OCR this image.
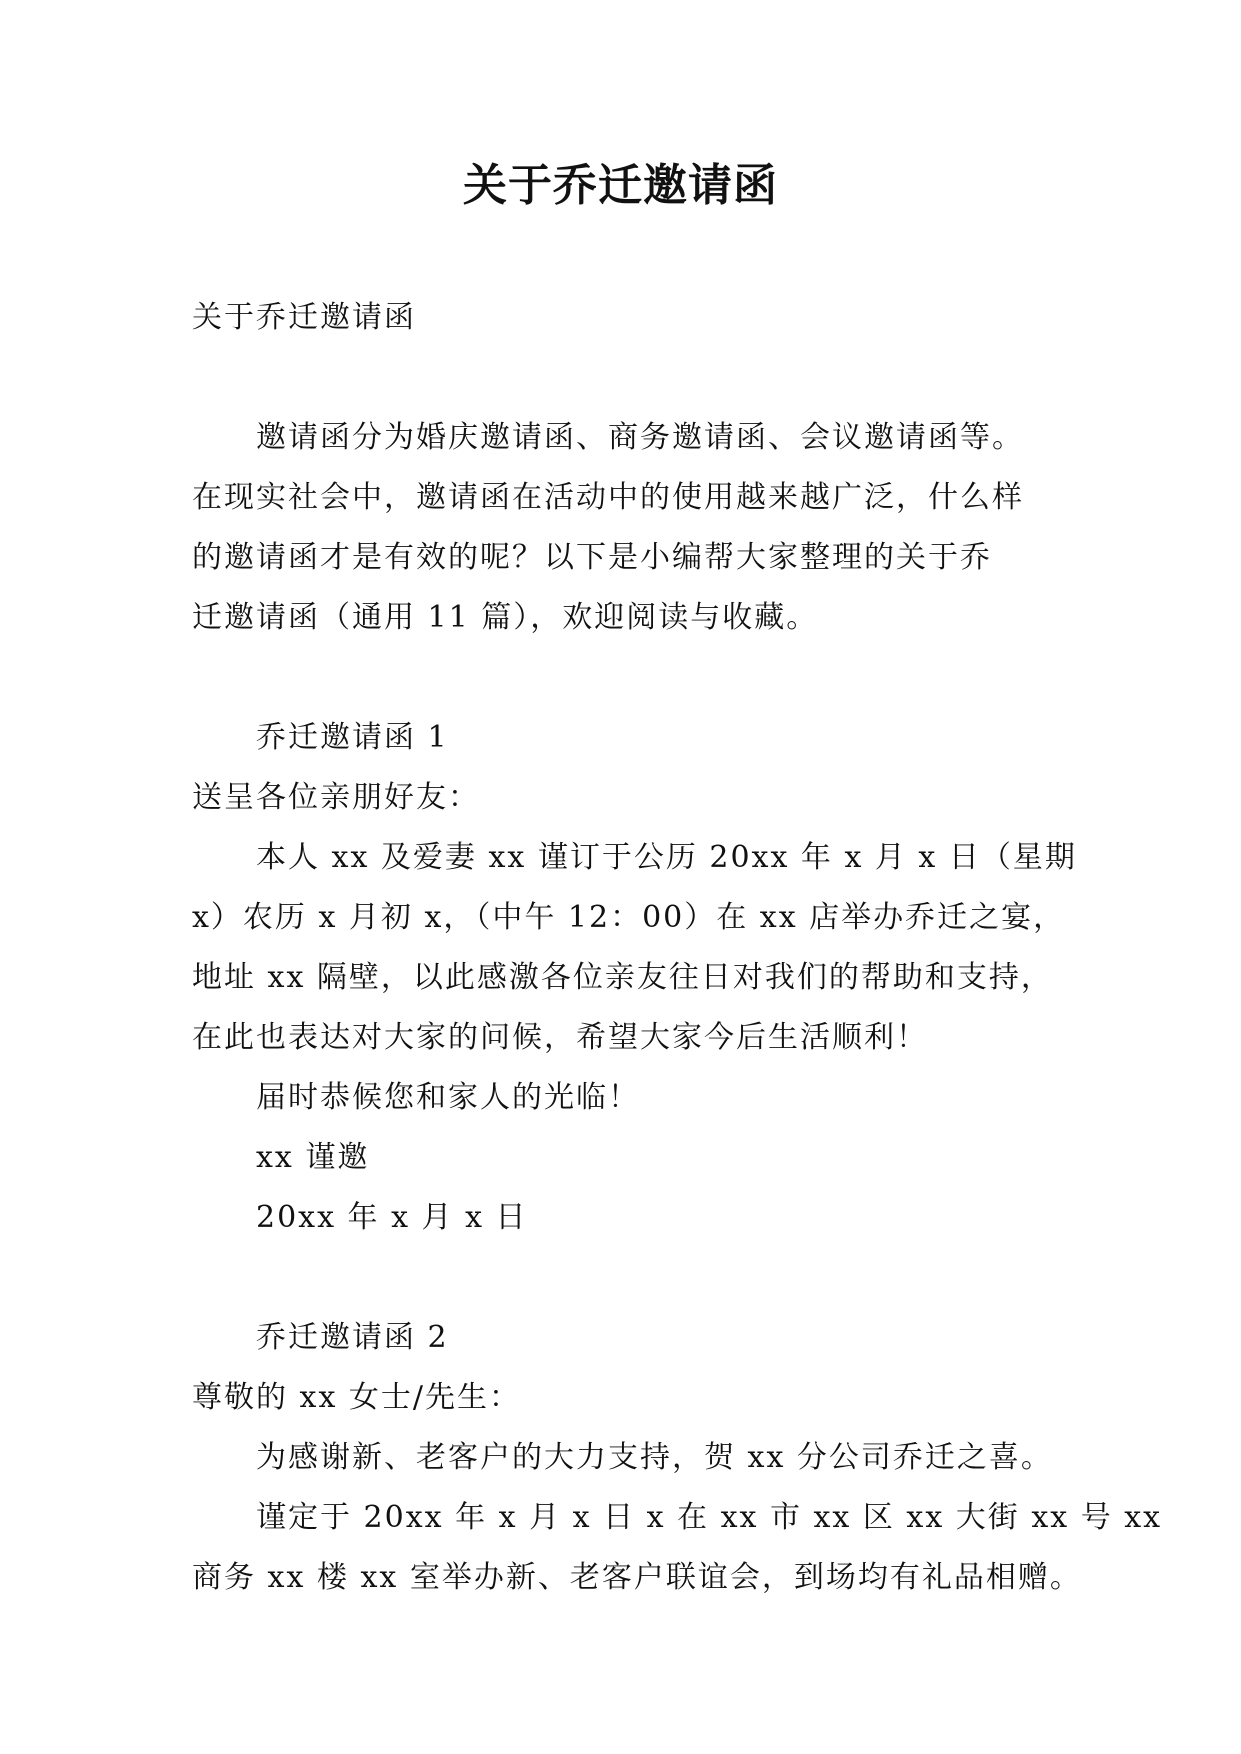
关于乔迁邀请函
关于乔迁邀请函
邀请函分为婚庆邀请函、商务邀请函、会议邀请函等。
在现实社会中，邀请函在活动中的使用越来越广泛，什么样
的邀请函才是有效的呢？以下是小编帮大家整理的关于乔
迁邀请函（通用 11 篇），欢迎阅读与收藏。
乔迁邀请函 1
送呈各位亲朋好友：
本人 xx 及爱妻 xx 谨订于公历 20xx 年 x 月 x 日（星期
x）农历 x 月初 x，（中午 12：00）在 xx 店举办乔迁之宴，
地址 xx 隔壁，以此感激各位亲友往日对我们的帮助和支持，
在此也表达对大家的问候，希望大家今后生活顺利！
届时恭候您和家人的光临！
xx 谨邀
20xx 年 x 月 x 日
乔迁邀请函 2
尊敬的 xx 女士/先生：
为感谢新、老客户的大力支持，贺 xx 分公司乔迁之喜。
谨定于 20xx 年 x 月 x 日 x 在 xx 市 xx 区 xx 大街 xx 号 xx
商务 xx 楼 xx 室举办新、老客户联谊会，到场均有礼品相赠。
